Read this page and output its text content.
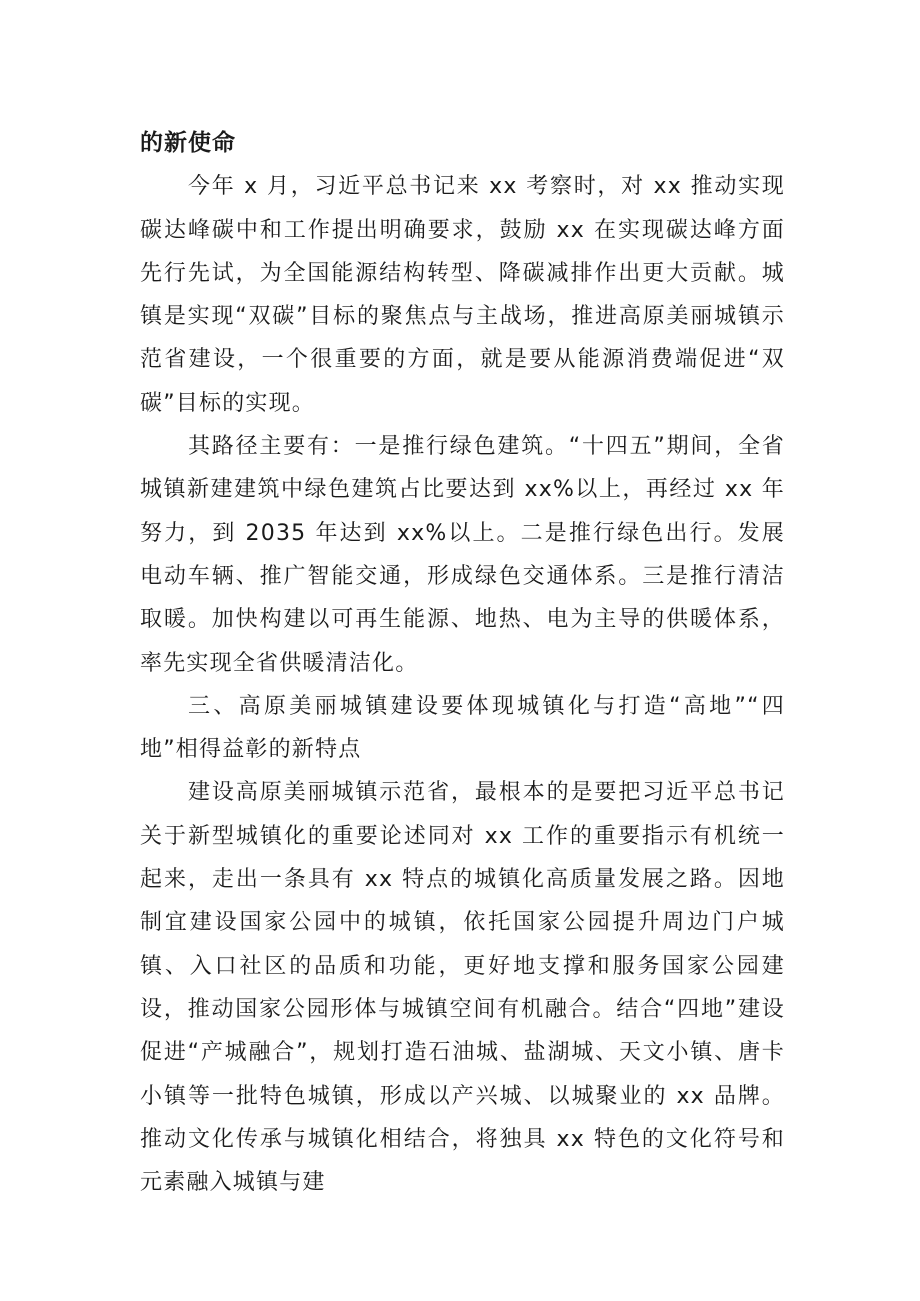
的新使命

今年 x 月，习近平总书记来 xx 考察时，对 xx 推动实现碳达峰碳中和工作提出明确要求，鼓励 xx 在实现碳达峰方面先行先试，为全国能源结构转型、降碳减排作出更大贡献。城镇是实现“双碳”目标的聚焦点与主战场，推进高原美丽城镇示范省建设，一个很重要的方面，就是要从能源消费端促进“双碳”目标的实现。

其路径主要有：一是推行绿色建筑。“十四五”期间，全省城镇新建建筑中绿色建筑占比要达到 xx%以上，再经过 xx 年努力，到 2035 年达到 xx%以上。二是推行绿色出行。发展电动车辆、推广智能交通，形成绿色交通体系。三是推行清洁取暖。加快构建以可再生能源、地热、电为主导的供暖体系，率先实现全省供暖清洁化。

三、高原美丽城镇建设要体现城镇化与打造“高地”“四地”相得益彰的新特点

建设高原美丽城镇示范省，最根本的是要把习近平总书记关于新型城镇化的重要论述同对 xx 工作的重要指示有机统一起来，走出一条具有 xx 特点的城镇化高质量发展之路。因地制宜建设国家公园中的城镇，依托国家公园提升周边门户城镇、入口社区的品质和功能，更好地支撑和服务国家公园建设，推动国家公园形体与城镇空间有机融合。结合“四地”建设促进“产城融合”，规划打造石油城、盐湖城、天文小镇、唐卡小镇等一批特色城镇，形成以产兴城、以城聚业的 xx 品牌。推动文化传承与城镇化相结合，将独具 xx 特色的文化符号和元素融入城镇与建
